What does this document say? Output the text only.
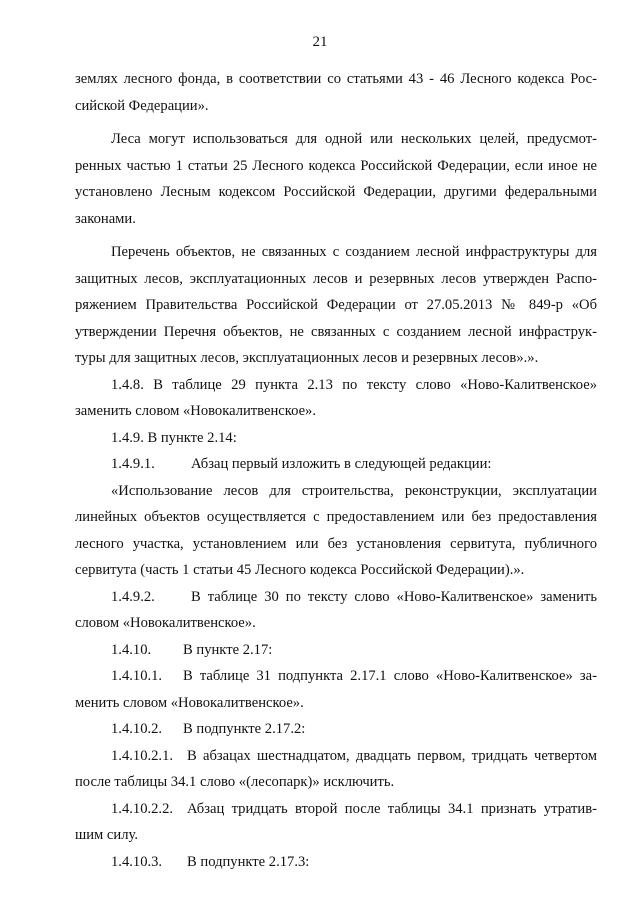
21
землях лесного фонда, в соответствии со статьями 43 - 46 Лесного кодекса Рос-
сийской Федерации».
Леса могут использоваться для одной или нескольких целей, предусмот-
ренных частью 1 статьи 25 Лесного кодекса Российской Федерации, если иное не
установлено Лесным кодексом Российской Федерации, другими федеральными
законами.
Перечень объектов, не связанных с созданием лесной инфраструктуры для
защитных лесов, эксплуатационных лесов и резервных лесов утвержден Распо-
ряжением Правительства Российской Федерации от 27.05.2013 № 849-р «Об
утверждении Перечня объектов, не связанных с созданием лесной инфраструк-
туры для защитных лесов, эксплуатационных лесов и резервных лесов».».
1.4.8. В таблице 29 пункта 2.13 по тексту слово «Ново-Калитвенское»
заменить словом «Новокалитвенское».
1.4.9. В пункте 2.14:
1.4.9.1. Абзац первый изложить в следующей редакции:
«Использование лесов для строительства, реконструкции, эксплуатации
линейных объектов осуществляется с предоставлением или без предоставления
лесного участка, установлением или без установления сервитута, публичного
сервитута (часть 1 статьи 45 Лесного кодекса Российской Федерации).».
1.4.9.2. В таблице 30 по тексту слово «Ново-Калитвенское» заменить
словом «Новокалитвенское».
1.4.10. В пункте 2.17:
1.4.10.1. В таблице 31 подпункта 2.17.1 слово «Ново-Калитвенское» за-
менить словом «Новокалитвенское».
1.4.10.2. В подпункте 2.17.2:
1.4.10.2.1. В абзацах шестнадцатом, двадцать первом, тридцать четвертом
после таблицы 34.1 слово «(лесопарк)» исключить.
1.4.10.2.2. Абзац тридцать второй после таблицы 34.1 признать утратив-
шим силу.
1.4.10.3. В подпункте 2.17.3:
